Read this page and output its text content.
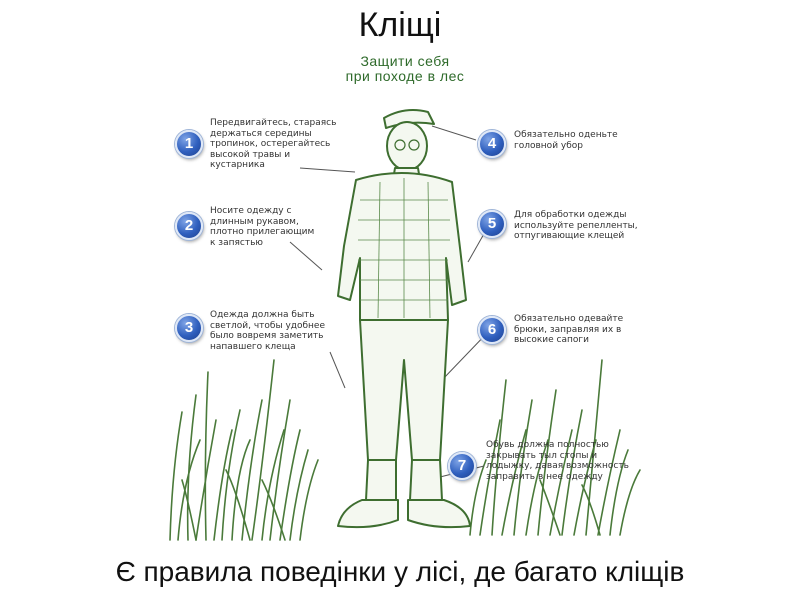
Кліщі
Защити себя
при походе в лес
1
Передвигайтесь, стараясь держаться середины тропинок, остерегайтесь высокой травы и кустарника
2
Носите одежду с длинным рукавом, плотно прилегающим к запястью
3
Одежда должна быть светлой, чтобы удобнее было вовремя заметить напавшего клеща
4	Обязательно оденьте головной убор
5	Для обработки одежды используйте репелленты, отпугивающие клещей
6
Обязательно одевайте брюки, заправляя их в высокие сапоги
7
Обувь должна полностью закрывать тыл стопы и лодыжку, давая возможность заправить в нее одежду
Є правила поведінки у лісі, де багато кліщів
